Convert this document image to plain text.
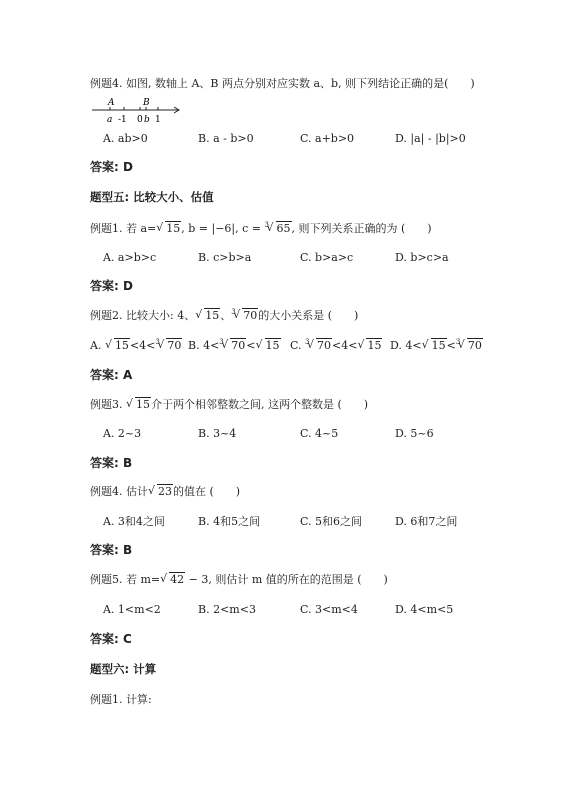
例题4. 如图, 数轴上 A、B 两点分别对应实数 a、b, 则下列结论正确的是(　　)
A	B
a -1 0 b 1
A. ab>0	B. a - b>0	C. a+b>0	D. |a| - |b|>0
答案: D
题型五: 比较大小、估值
例题1. 若 a= √ 15, b = |−6|, c = √ 3 65, 则下列关系正确的为 (　　)
A. a>b>c	B. c>b>a	C. b>a>c	D. b>c>a
答案: D
例题2. 比较大小: 4、 √ 15、 √ 3 70的大小关系是 (　　)
A. √ 15<4< √ 3 70 B. 4< √ 3 70< √ 15 C. √ 3 70<4< √ 15 D. 4< √ 15< √ 3 70
答案: A
例题3. √ 15介于两个相邻整数之间, 这两个整数是 (　　)
A. 2~3	B. 3~4	C. 4~5	D. 5~6
答案: B
例题4. 估计 √ 23的值在 (　　)
A. 3和4之间	B. 4和5之间	C. 5和6之间	D. 6和7之间
答案: B
例题5. 若 m= √ 42 − 3, 则估计 m 值的所在的范围是 (　　)
A. 1<m<2	B. 2<m<3	C. 3<m<4	D. 4<m<5
答案: C
题型六: 计算
例题1. 计算:
